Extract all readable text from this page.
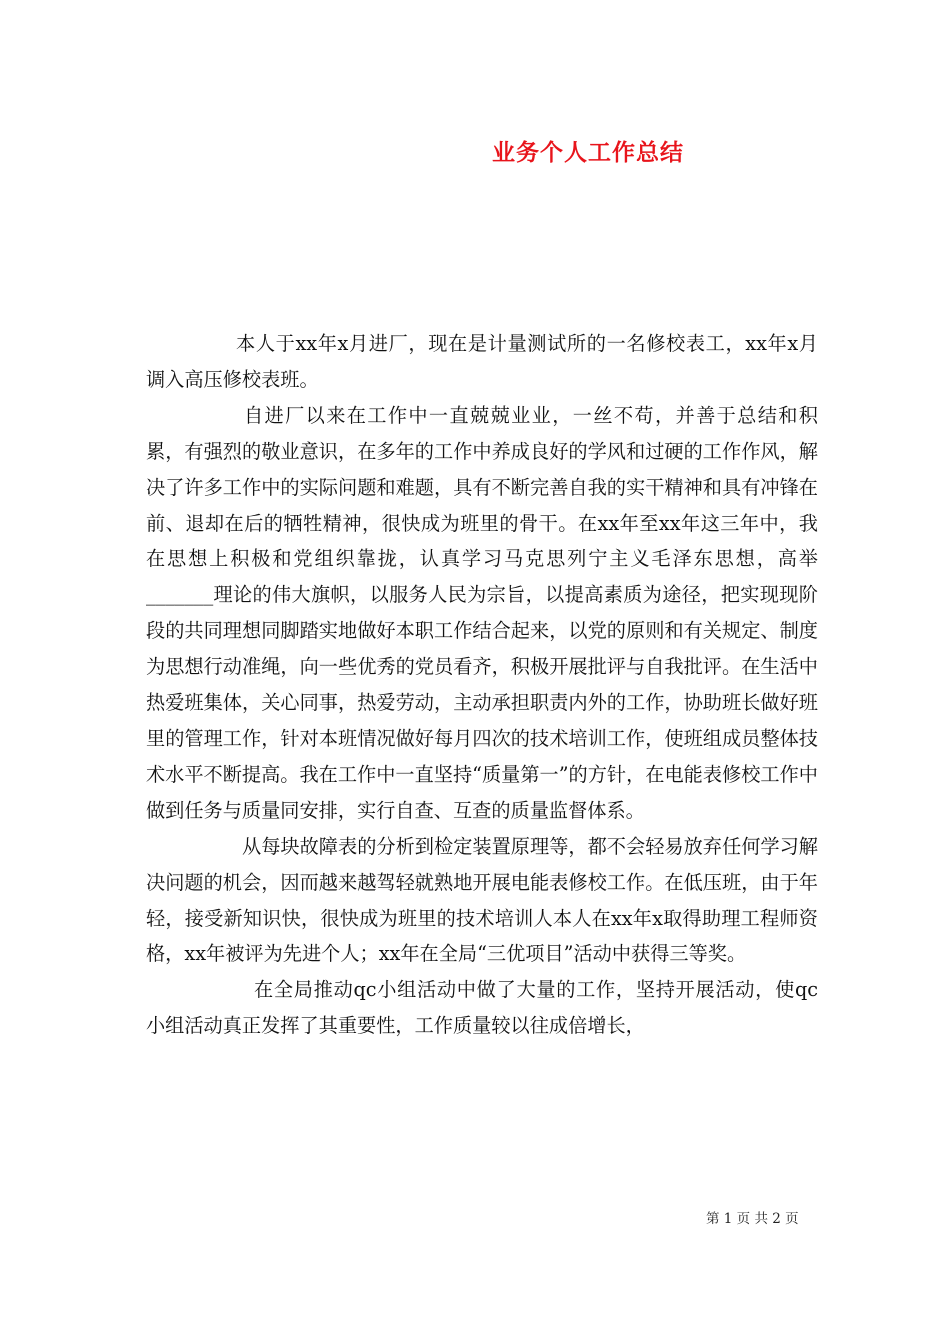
业务个人工作总结

本人于xx年x月进厂，现在是计量测试所的一名修校表工，xx年x月调入高压修校表班。

自进厂以来在工作中一直兢兢业业，一丝不苟，并善于总结和积累，有强烈的敬业意识，在多年的工作中养成良好的学风和过硬的工作作风，解决了许多工作中的实际问题和难题，具有不断完善自我的实干精神和具有冲锋在前、退却在后的牺牲精神，很快成为班里的骨干。在xx年至xx年这三年中，我在思想上积极和党组织靠拢，认真学习马克思列宁主义毛泽东思想，高举_______理论的伟大旗帜，以服务人民为宗旨，以提高素质为途径，把实现现阶段的共同理想同脚踏实地做好本职工作结合起来，以党的原则和有关规定、制度为思想行动准绳，向一些优秀的党员看齐，积极开展批评与自我批评。在生活中热爱班集体，关心同事，热爱劳动，主动承担职责内外的工作，协助班长做好班里的管理工作，针对本班情况做好每月四次的技术培训工作，使班组成员整体技术水平不断提高。我在工作中一直坚持“质量第一”的方针，在电能表修校工作中做到任务与质量同安排，实行自查、互查的质量监督体系。

从每块故障表的分析到检定装置原理等，都不会轻易放弃任何学习解决问题的机会，因而越来越驾轻就熟地开展电能表修校工作。在低压班，由于年轻，接受新知识快，很快成为班里的技术培训人本人在xx年x取得助理工程师资格，xx年被评为先进个人；xx年在全局“三优项目”活动中获得三等奖。

在全局推动qc小组活动中做了大量的工作，坚持开展活动，使qc小组活动真正发挥了其重要性，工作质量较以往成倍增长，

第 1 页 共 2 页
